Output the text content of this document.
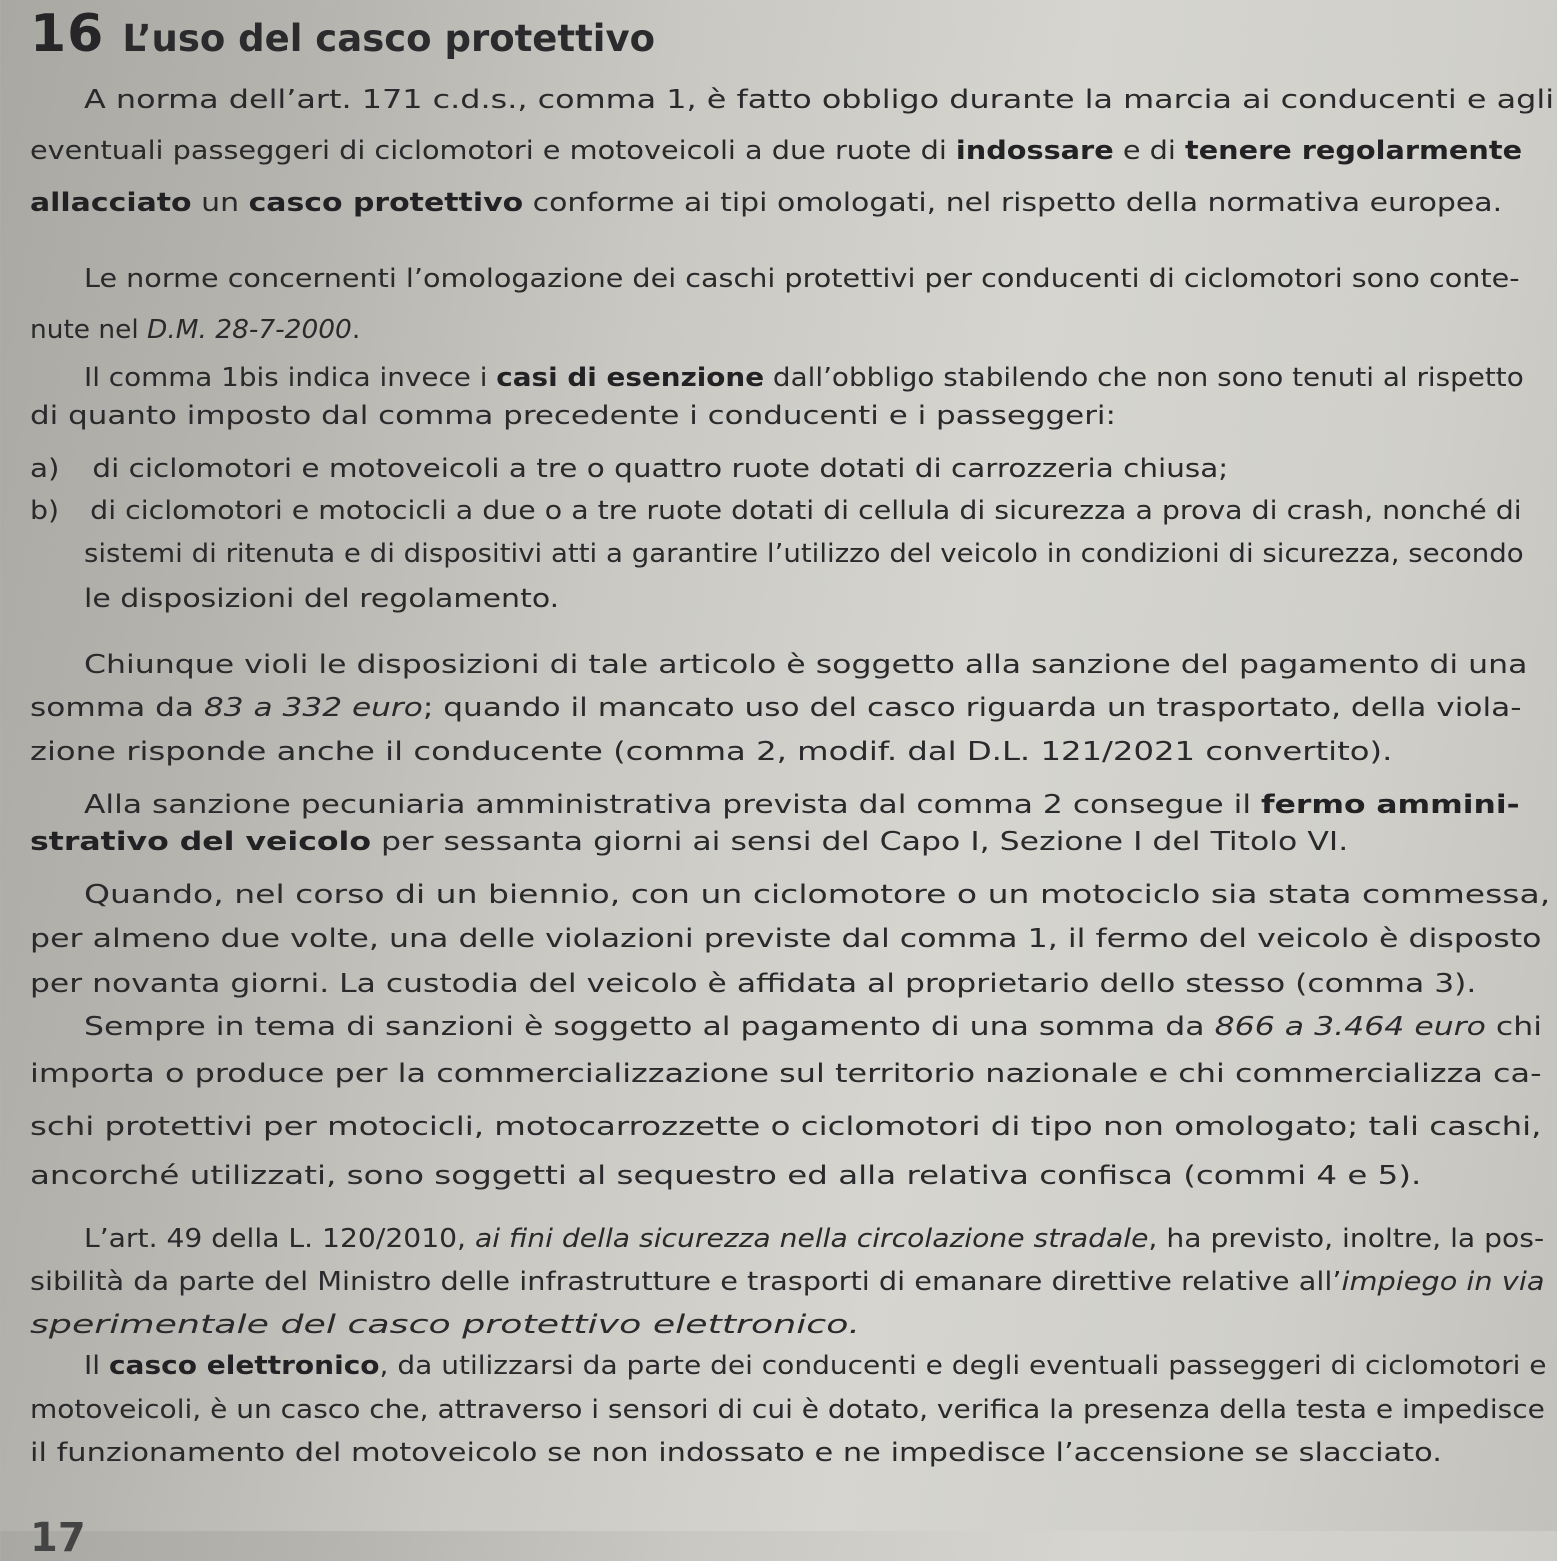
16 L’uso del casco protettivo
A norma dell’art. 171 c.d.s., comma 1, è fatto obbligo durante la marcia ai conducenti e agli
eventuali passeggeri di ciclomotori e motoveicoli a due ruote di indossare e di tenere regolarmente
allacciato un casco protettivo conforme ai tipi omologati, nel rispetto della normativa europea.
Le norme concernenti l’omologazione dei caschi protettivi per conducenti di ciclomotori sono conte-
nute nel D.M. 28-7-2000.
Il comma 1bis indica invece i casi di esenzione dall’obbligo stabilendo che non sono tenuti al rispetto
di quanto imposto dal comma precedente i conducenti e i passeggeri:
a) di ciclomotori e motoveicoli a tre o quattro ruote dotati di carrozzeria chiusa;
b) di ciclomotori e motocicli a due o a tre ruote dotati di cellula di sicurezza a prova di crash, nonché di
sistemi di ritenuta e di dispositivi atti a garantire l’utilizzo del veicolo in condizioni di sicurezza, secondo
le disposizioni del regolamento.
Chiunque violi le disposizioni di tale articolo è soggetto alla sanzione del pagamento di una
somma da 83 a 332 euro; quando il mancato uso del casco riguarda un trasportato, della viola-
zione risponde anche il conducente (comma 2, modif. dal D.L. 121/2021 convertito).
Alla sanzione pecuniaria amministrativa prevista dal comma 2 consegue il fermo ammini-
strativo del veicolo per sessanta giorni ai sensi del Capo I, Sezione I del Titolo VI.
Quando, nel corso di un biennio, con un ciclomotore o un motociclo sia stata commessa,
per almeno due volte, una delle violazioni previste dal comma 1, il fermo del veicolo è disposto
per novanta giorni. La custodia del veicolo è affidata al proprietario dello stesso (comma 3).
Sempre in tema di sanzioni è soggetto al pagamento di una somma da 866 a 3.464 euro chi
importa o produce per la commercializzazione sul territorio nazionale e chi commercializza ca-
schi protettivi per motocicli, motocarrozzette o ciclomotori di tipo non omologato; tali caschi,
ancorché utilizzati, sono soggetti al sequestro ed alla relativa confisca (commi 4 e 5).
L’art. 49 della L. 120/2010, ai fini della sicurezza nella circolazione stradale, ha previsto, inoltre, la pos-
sibilità da parte del Ministro delle infrastrutture e trasporti di emanare direttive relative all’impiego in via
sperimentale del casco protettivo elettronico.
Il casco elettronico, da utilizzarsi da parte dei conducenti e degli eventuali passeggeri di ciclomotori e
motoveicoli, è un casco che, attraverso i sensori di cui è dotato, verifica la presenza della testa e impedisce
il funzionamento del motoveicolo se non indossato e ne impedisce l’accensione se slacciato.
17
